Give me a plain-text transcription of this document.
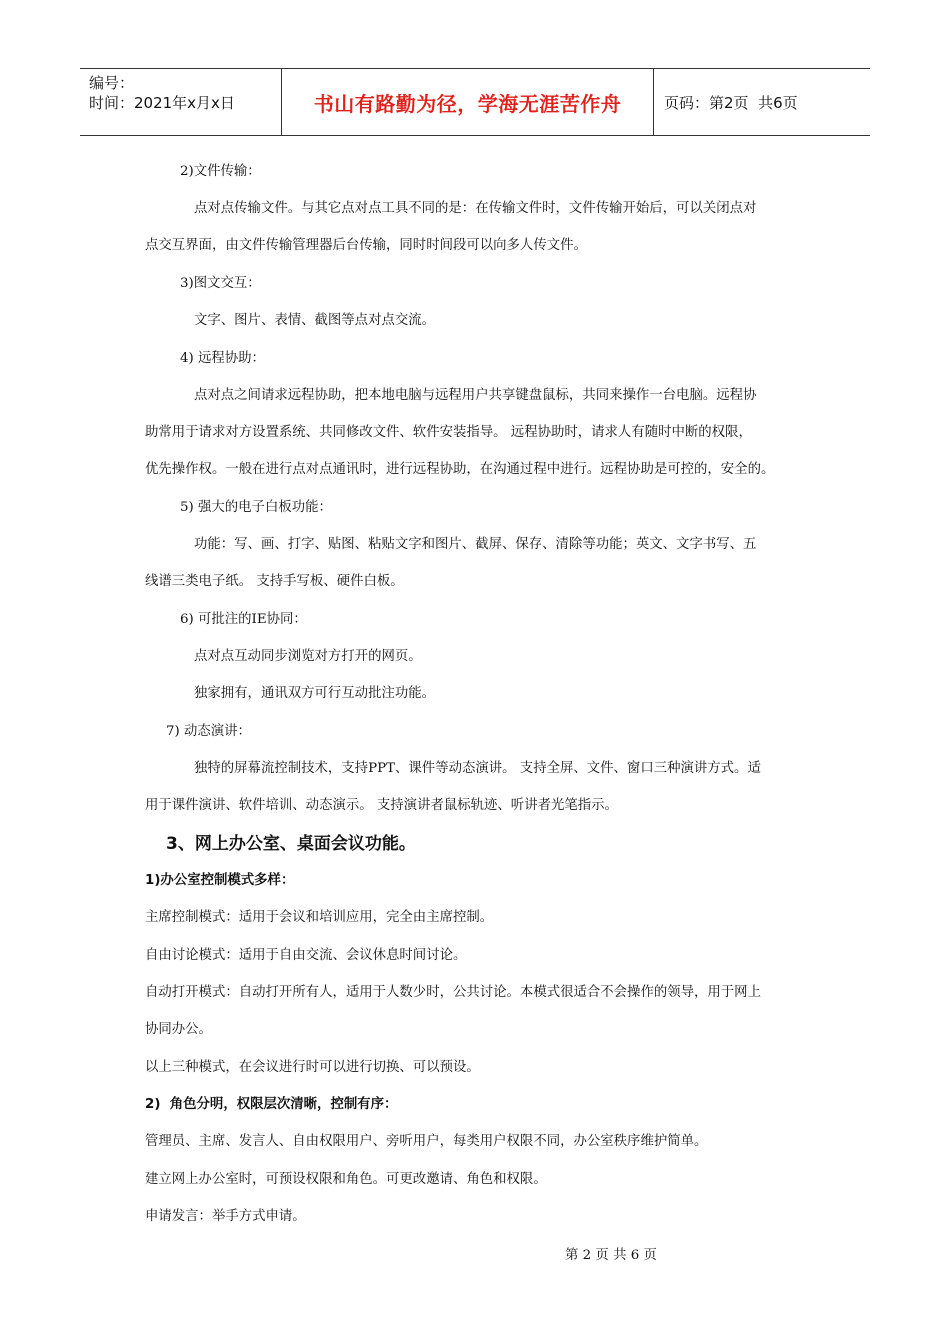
编号：
时间：2021年x月x日	书山有路勤为径，学海无涯苦作舟	页码：第2页  共6页
2)文件传输：
点对点传输文件。与其它点对点工具不同的是：在传输文件时，文件传输开始后，可以关闭点对
点交互界面，由文件传输管理器后台传输，同时时间段可以向多人传文件。
3)图文交互：
文字、图片、表情、截图等点对点交流。
4) 远程协助：
点对点之间请求远程协助，把本地电脑与远程用户共享键盘鼠标，共同来操作一台电脑。远程协
助常用于请求对方设置系统、共同修改文件、软件安装指导。 远程协助时，请求人有随时中断的权限，
优先操作权。一般在进行点对点通讯时，进行远程协助，在沟通过程中进行。远程协助是可控的，安全的。
5) 强大的电子白板功能：
功能：写、画、打字、贴图、粘贴文字和图片、截屏、保存、清除等功能；英文、文字书写、五
线谱三类电子纸。 支持手写板、硬件白板。
6) 可批注的IE协同：
点对点互动同步浏览对方打开的网页。
独家拥有，通讯双方可行互动批注功能。
7) 动态演讲：
独特的屏幕流控制技术，支持PPT、课件等动态演讲。 支持全屏、文件、窗口三种演讲方式。适
用于课件演讲、软件培训、动态演示。 支持演讲者鼠标轨迹、听讲者光笔指示。
3、网上办公室、桌面会议功能。
1)办公室控制模式多样：
主席控制模式：适用于会议和培训应用，完全由主席控制。
自由讨论模式：适用于自由交流、会议休息时间讨论。
自动打开模式：自动打开所有人，适用于人数少时，公共讨论。本模式很适合不会操作的领导，用于网上
协同办公。
以上三种模式，在会议进行时可以进行切换、可以预设。
2)  角色分明，权限层次清晰，控制有序：
管理员、主席、发言人、自由权限用户、旁听用户，每类用户权限不同，办公室秩序维护简单。
建立网上办公室时，可预设权限和角色。可更改邀请、角色和权限。
申请发言：举手方式申请。
第 2 页 共 6 页
